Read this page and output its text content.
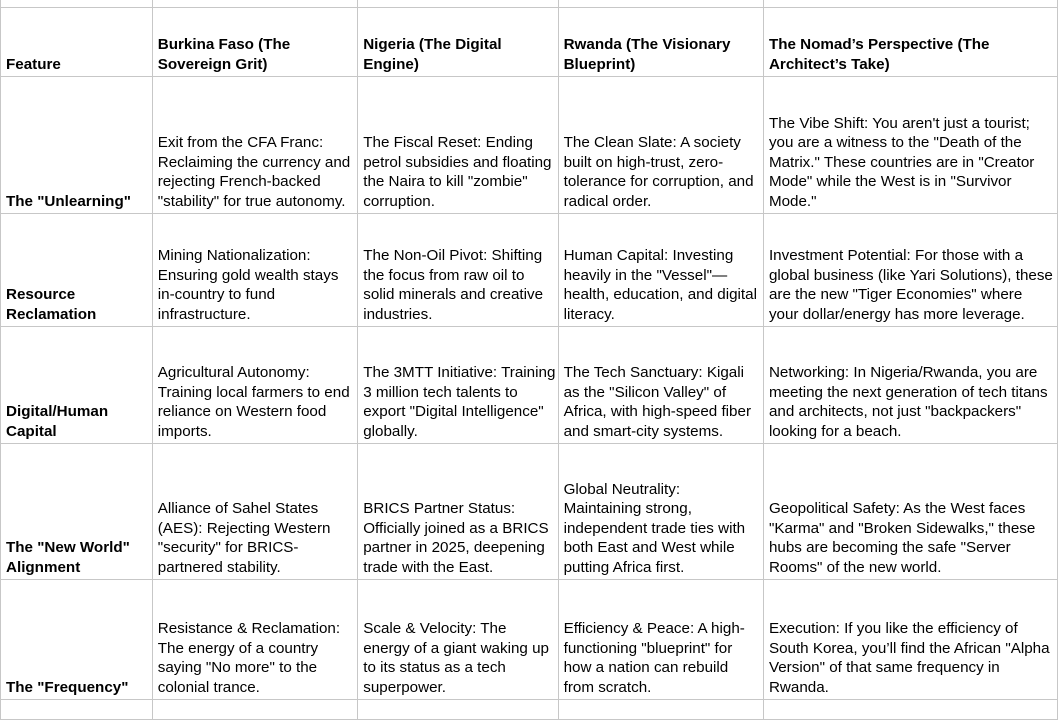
Feature	Burkina Faso (The Sovereign Grit)	Nigeria (The Digital Engine)	Rwanda (The Visionary Blueprint)	The Nomad’s Perspective (The Architect’s Take)
The "Unlearning"	Exit from the CFA Franc: Reclaiming the currency and rejecting French-backed "stability" for true autonomy.	The Fiscal Reset: Ending petrol subsidies and floating the Naira to kill "zombie" corruption.	The Clean Slate: A society built on high-trust, zero-tolerance for corruption, and radical order.	The Vibe Shift: You aren't just a tourist; you are a witness to the "Death of the Matrix." These countries are in "Creator Mode" while the West is in "Survivor Mode."
Resource Reclamation	Mining Nationalization: Ensuring gold wealth stays in-country to fund infrastructure.	The Non-Oil Pivot: Shifting the focus from raw oil to solid minerals and creative industries.	Human Capital: Investing heavily in the "Vessel"—health, education, and digital literacy.	Investment Potential: For those with a global business (like Yari Solutions), these are the new "Tiger Economies" where your dollar/energy has more leverage.
Digital/Human Capital	Agricultural Autonomy: Training local farmers to end reliance on Western food imports.	The 3MTT Initiative: Training 3 million tech talents to export "Digital Intelligence" globally.	The Tech Sanctuary: Kigali as the "Silicon Valley" of Africa, with high-speed fiber and smart-city systems.	Networking: In Nigeria/Rwanda, you are meeting the next generation of tech titans and architects, not just "backpackers" looking for a beach.
The "New World" Alignment	Alliance of Sahel States (AES): Rejecting Western "security" for BRICS-partnered stability.	BRICS Partner Status: Officially joined as a BRICS partner in 2025, deepening trade with the East.	Global Neutrality: Maintaining strong, independent trade ties with both East and West while putting Africa first.	Geopolitical Safety: As the West faces "Karma" and "Broken Sidewalks," these hubs are becoming the safe "Server Rooms" of the new world.
The "Frequency"	Resistance & Reclamation: The energy of a country saying "No more" to the colonial trance.	Scale & Velocity: The energy of a giant waking up to its status as a tech superpower.	Efficiency & Peace: A high-functioning "blueprint" for how a nation can rebuild from scratch.	Execution: If you like the efficiency of South Korea, you’ll find the African "Alpha Version" of that same frequency in Rwanda.
